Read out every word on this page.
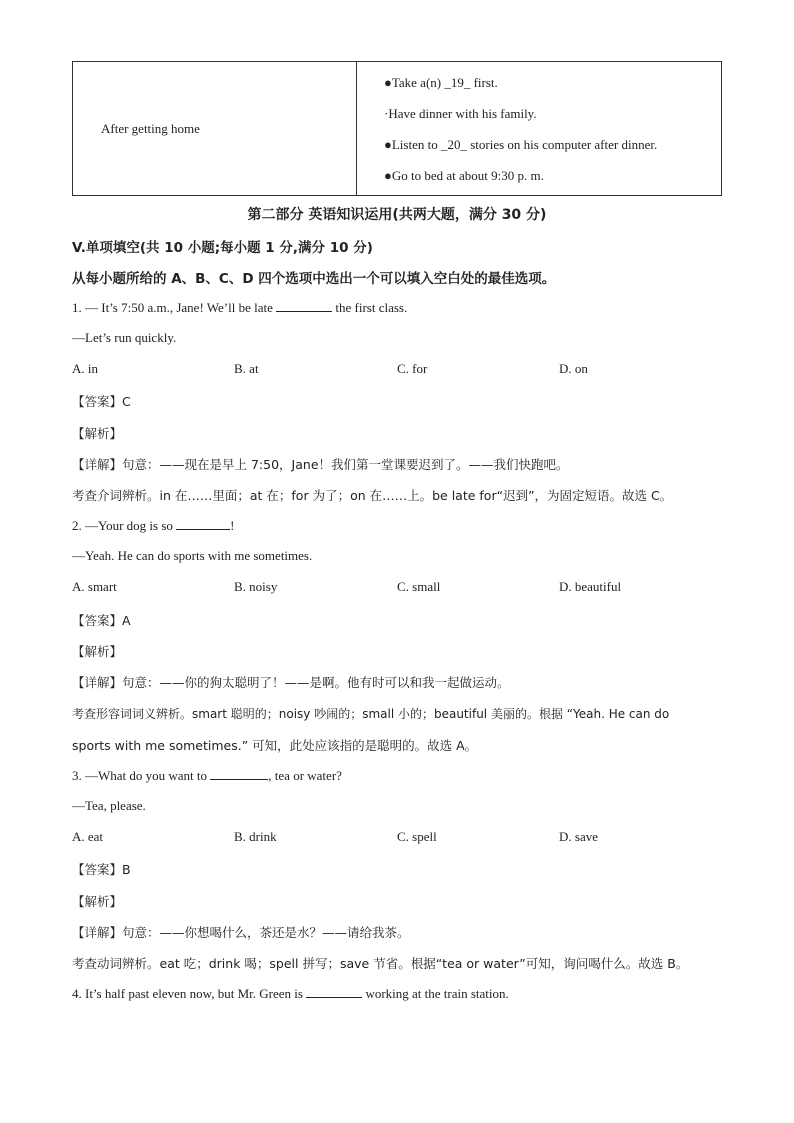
After getting home	
●Take a(n) _19_ first.
·Have dinner with his family.
●Listen to _20_ stories on his computer after dinner.
●Go to bed at about 9:30 p. m.
第二部分 英语知识运用(共两大题，满分 30 分)
V.单项填空(共 10 小题;每小题 1 分,满分 10 分)
从每小题所给的 A、B、C、D 四个选项中选出一个可以填入空白处的最佳选项。
1. — It’s 7:50 a.m., Jane! We’ll be late	the first class.
—Let’s run quickly.
A. in	B. at	C. for	D. on
【答案】C
【解析】
【详解】句意：——现在是早上 7:50，Jane！我们第一堂课要迟到了。——我们快跑吧。
考查介词辨析。in 在……里面；at 在；for 为了；on 在……上。be late for“迟到”，为固定短语。故选 C。
2. —Your dog is so	!
—Yeah. He can do sports with me sometimes.
A. smart	B. noisy	C. small	D. beautiful
【答案】A
【解析】
【详解】句意：——你的狗太聪明了！——是啊。他有时可以和我一起做运动。
考查形容词词义辨析。smart 聪明的；noisy 吵闹的；small 小的；beautiful 美丽的。根据 “Yeah. He can do
sports with me sometimes.” 可知，此处应该指的是聪明的。故选 A。
3. —What do you want to	, tea or water?
—Tea, please.
A. eat	B. drink	C. spell	D. save
【答案】B
【解析】
【详解】句意：——你想喝什么，茶还是水？——请给我茶。
考查动词辨析。eat 吃；drink 喝；spell 拼写；save 节省。根据“tea or water”可知，询问喝什么。故选 B。
4. It’s half past eleven now, but Mr. Green is	working at the train station.
